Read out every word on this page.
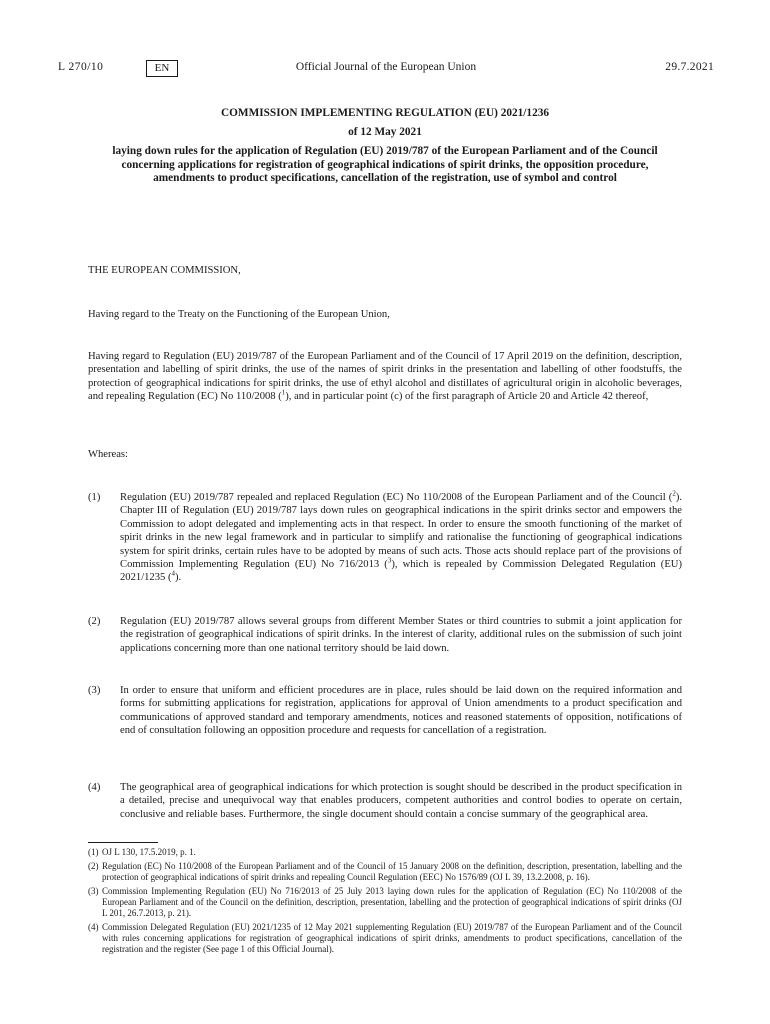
L 270/10	EN	Official Journal of the European Union	29.7.2021

COMMISSION IMPLEMENTING REGULATION (EU) 2021/1236

of 12 May 2021

laying down rules for the application of Regulation (EU) 2019/787 of the European Parliament and of the Council concerning applications for registration of geographical indications of spirit drinks, the opposition procedure, amendments to product specifications, cancellation of the registration, use of symbol and control

THE EUROPEAN COMMISSION,

Having regard to the Treaty on the Functioning of the European Union,

Having regard to Regulation (EU) 2019/787 of the European Parliament and of the Council of 17 April 2019 on the definition, description, presentation and labelling of spirit drinks, the use of the names of spirit drinks in the presentation and labelling of other foodstuffs, the protection of geographical indications for spirit drinks, the use of ethyl alcohol and distillates of agricultural origin in alcoholic beverages, and repealing Regulation (EC) No 110/2008 ($^1$), and in particular point (c) of the first paragraph of Article 20 and Article 42 thereof,

Whereas:

(1) Regulation (EU) 2019/787 repealed and replaced Regulation (EC) No 110/2008 of the European Parliament and of the Council ($^2$). Chapter III of Regulation (EU) 2019/787 lays down rules on geographical indications in the spirit drinks sector and empowers the Commission to adopt delegated and implementing acts in that respect. In order to ensure the smooth functioning of the market of spirit drinks in the new legal framework and in particular to simplify and rationalise the functioning of geographical indications system for spirit drinks, certain rules have to be adopted by means of such acts. Those acts should replace part of the provisions of Commission Implementing Regulation (EU) No 716/2013 ($^3$), which is repealed by Commission Delegated Regulation (EU) 2021/1235 ($^4$).
(2) Regulation (EU) 2019/787 allows several groups from different Member States or third countries to submit a joint application for the registration of geographical indications of spirit drinks. In the interest of clarity, additional rules on the submission of such joint applications concerning more than one national territory should be laid down.
(3) In order to ensure that uniform and efficient procedures are in place, rules should be laid down on the required information and forms for submitting applications for registration, applications for approval of Union amendments to a product specification and communications of approved standard and temporary amendments, notices and reasoned statements of opposition, notifications of end of consultation following an opposition procedure and requests for cancellation of a registration.
(4) The geographical area of geographical indications for which protection is sought should be described in the product specification in a detailed, precise and unequivocal way that enables producers, competent authorities and control bodies to operate on certain, conclusive and reliable bases. Furthermore, the single document should contain a concise summary of the geographical area.
(1) OJ L 130, 17.5.2019, p. 1.
(2) Regulation (EC) No 110/2008 of the European Parliament and of the Council of 15 January 2008 on the definition, description, presentation, labelling and the protection of geographical indications of spirit drinks and repealing Council Regulation (EEC) No 1576/89 (OJ L 39, 13.2.2008, p. 16).
(3) Commission Implementing Regulation (EU) No 716/2013 of 25 July 2013 laying down rules for the application of Regulation (EC) No 110/2008 of the European Parliament and of the Council on the definition, description, presentation, labelling and the protection of geographical indications of spirit drinks (OJ L 201, 26.7.2013, p. 21).
(4) Commission Delegated Regulation (EU) 2021/1235 of 12 May 2021 supplementing Regulation (EU) 2019/787 of the European Parliament and of the Council with rules concerning applications for registration of geographical indications of spirit drinks, amendments to product specifications, cancellation of the registration and the register (See page 1 of this Official Journal).
